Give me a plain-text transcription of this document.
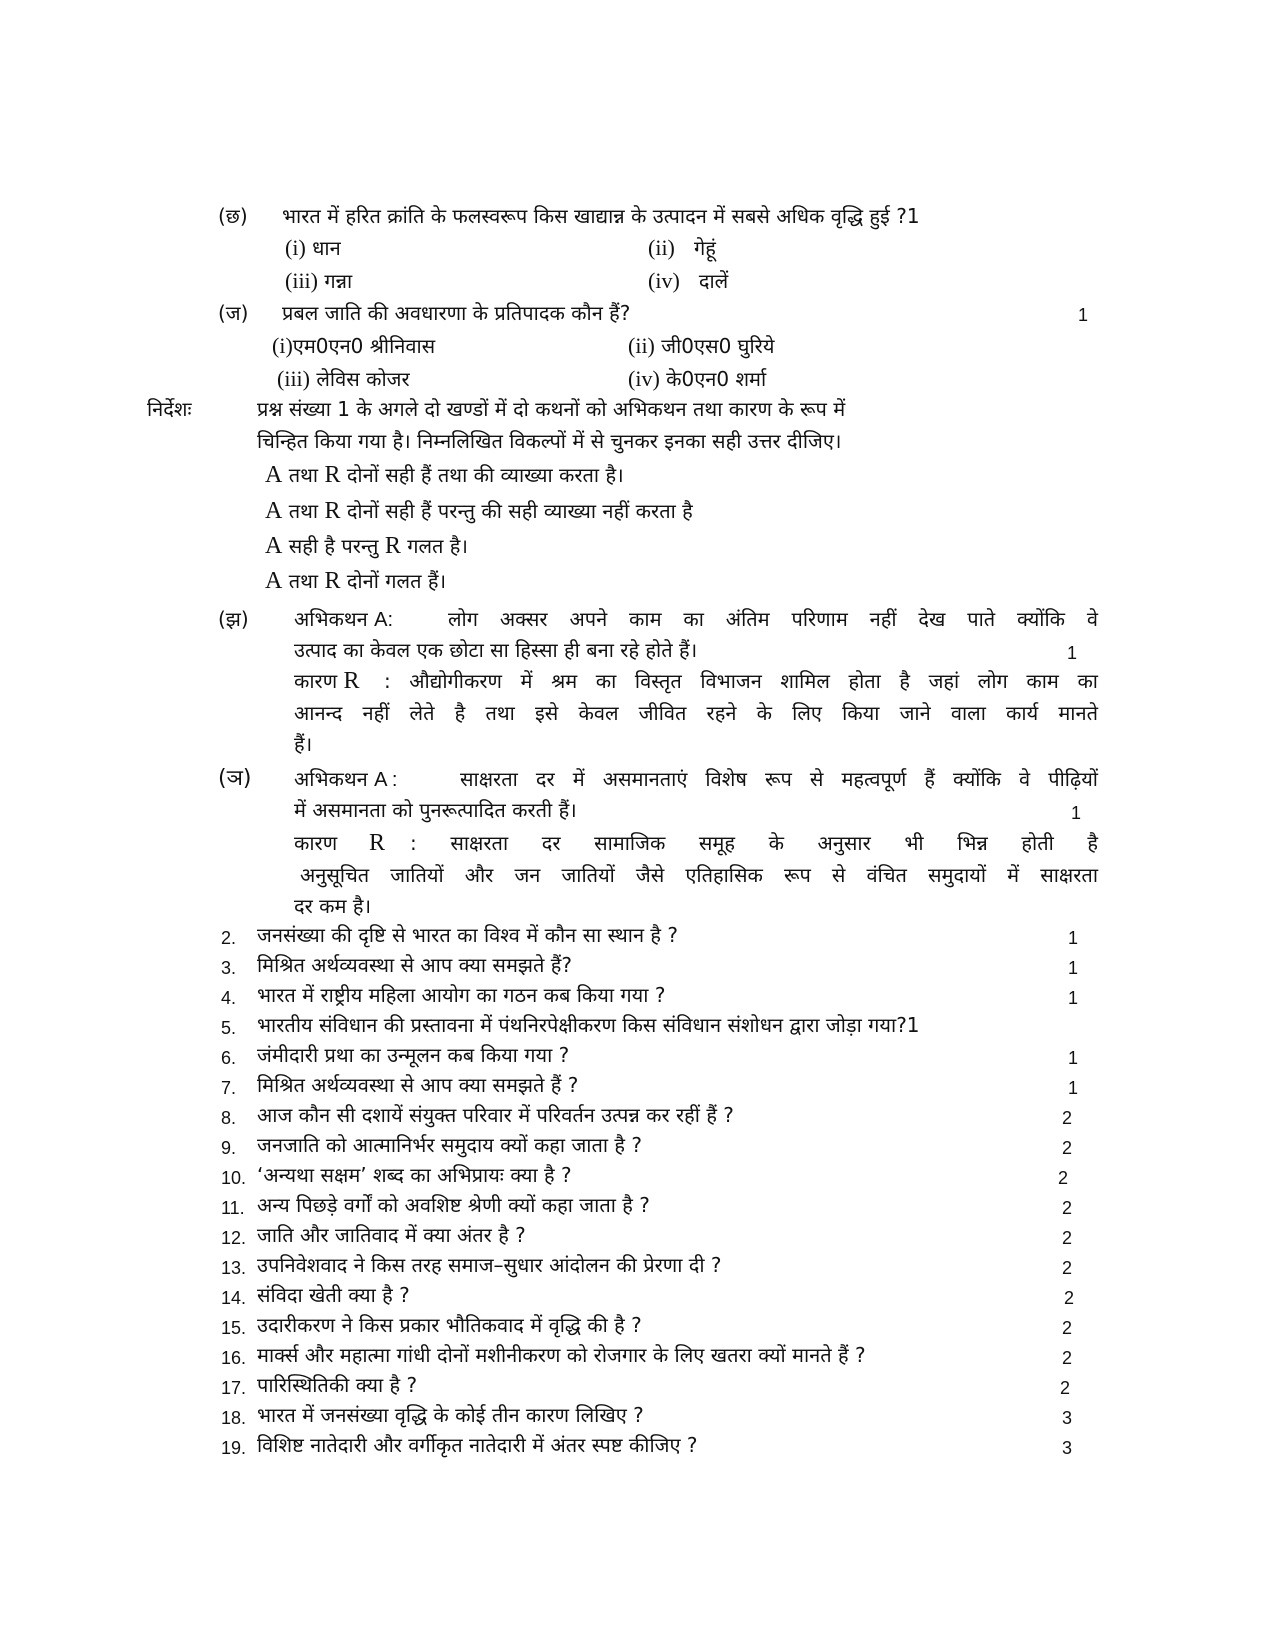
(छ) भारत में हरित क्रांति के फलस्वरूप किस खाद्यान्न के उत्पादन में सबसे अधिक वृद्धि हुई ?1
(i) धान	(ii) गेहूं
(iii) गन्ना	(iv) दालें
(ज) प्रबल जाति की अवधारणा के प्रतिपादक कौन हैं?	1
(i)एम0एन0 श्रीनिवास	(ii) जी0एस0 घुरिये
(iii) लेविस कोजर	(iv) के0एन0 शर्मा
निर्देशः	प्रश्न संख्या 1 के अगले दो खण्डों में दो कथनों को अभिकथन तथा कारण के रूप में
चिन्हित किया गया है। निम्नलिखित विकल्पों में से चुनकर इनका सही उत्तर दीजिए।
A तथा R दोनों सही हैं तथा की व्याख्या करता है।
A तथा R दोनों सही हैं परन्तु की सही व्याख्या नहीं करता है
A सही है परन्तु R गलत है।
A तथा R दोनों गलत हैं।
(झ) अभिकथन A:	लोग अक्सर अपने काम का अंतिम परिणाम नहीं देख पाते क्योंकि वे
उत्पाद का केवल एक छोटा सा हिस्सा ही बना रहे होते हैं।	1
कारण R : औद्योगीकरण में श्रम का विस्तृत विभाजन शामिल होता है जहां लोग काम का
आनन्द नहीं लेते है तथा इसे केवल जीवित रहने के लिए किया जाने वाला कार्य मानते
हैं।
(ञ) अभिकथन A :	साक्षरता दर में असमानताएं विशेष रूप से महत्वपूर्ण हैं क्योंकि वे पीढ़ियों
में असमानता को पुनरूत्पादित करती हैं।	1
कारण R : साक्षरता दर सामाजिक समूह के अनुसार भी भिन्न होती है
अनुसूचित जातियों और जन जातियों जैसे एतिहासिक रूप से वंचित समुदायों में साक्षरता
दर कम है।
2. जनसंख्या की दृष्टि से भारत का विश्व में कौन सा स्थान है ?	1
3. मिश्रित अर्थव्यवस्था से आप क्या समझते हैं?	1
4. भारत में राष्ट्रीय महिला आयोग का गठन कब किया गया ?	1
5. भारतीय संविधान की प्रस्तावना में पंथनिरपेक्षीकरण किस संविधान संशोधन द्वारा जोड़ा गया?1
6. जंमीदारी प्रथा का उन्मूलन कब किया गया ?	1
7. मिश्रित अर्थव्यवस्था से आप क्या समझते हैं ?	1
8. आज कौन सी दशायें संयुक्त परिवार में परिवर्तन उत्पन्न कर रहीं हैं ?	2
9. जनजाति को आत्मानिर्भर समुदाय क्यों कहा जाता है ?	2
10. ‘अन्यथा सक्षम’ शब्द का अभिप्रायः क्या है ?	2
11. अन्य पिछड़े वर्गों को अवशिष्ट श्रेणी क्यों कहा जाता है ?	2
12. जाति और जातिवाद में क्या अंतर है ?	2
13. उपनिवेशवाद ने किस तरह समाज–सुधार आंदोलन की प्रेरणा दी ?	2
14. संविदा खेती क्या है ?	2
15. उदारीकरण ने किस प्रकार भौतिकवाद में वृद्धि की है ?	2
16. मार्क्स और महात्मा गांधी दोनों मशीनीकरण को रोजगार के लिए खतरा क्यों मानते हैं ?	2
17. पारिस्थितिकी क्या है ?	2
18. भारत में जनसंख्या वृद्धि के कोई तीन कारण लिखिए ?	3
19. विशिष्ट नातेदारी और वर्गीकृत नातेदारी में अंतर स्पष्ट कीजिए ?	3
